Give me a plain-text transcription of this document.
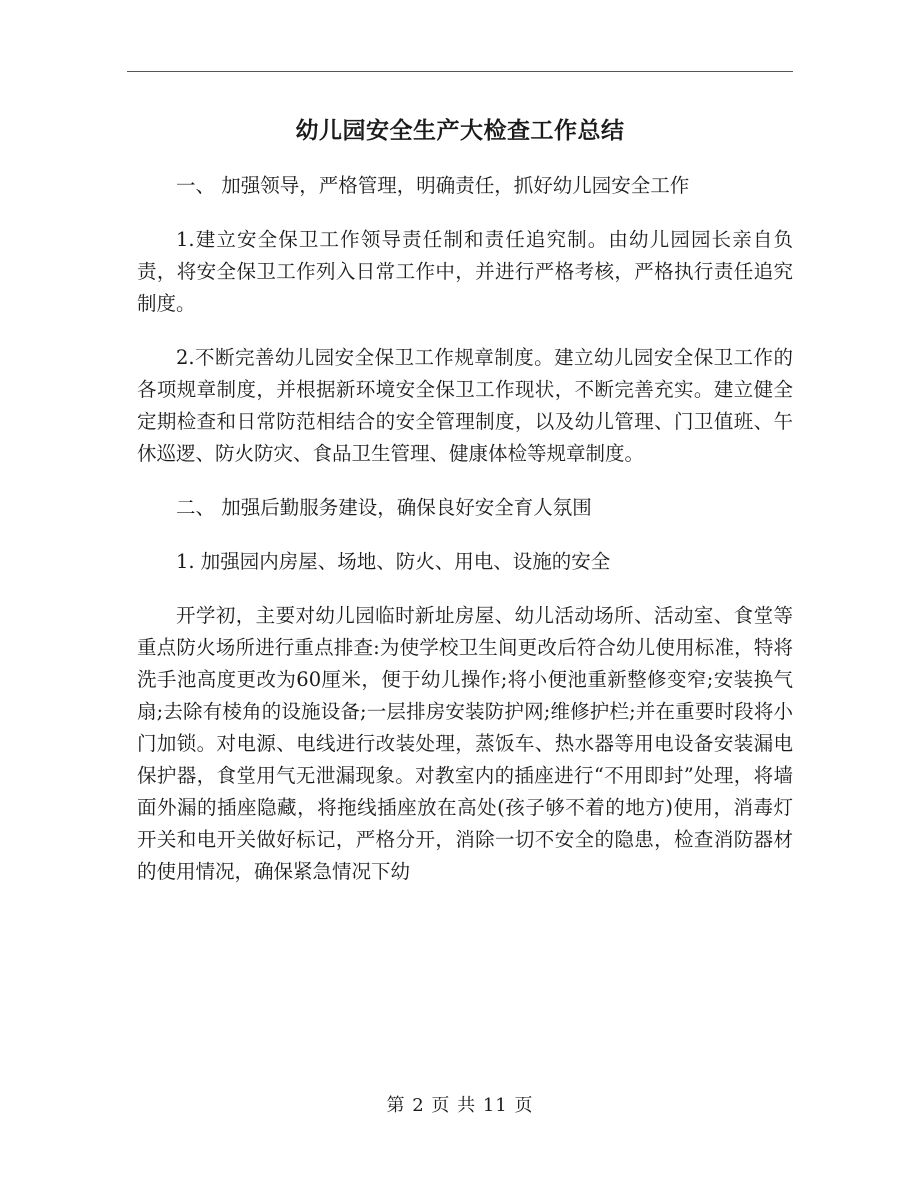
幼儿园安全生产大检查工作总结

一、 加强领导，严格管理，明确责任，抓好幼儿园安全工作

1.建立安全保卫工作领导责任制和责任追究制。由幼儿园园长亲自负责，将安全保卫工作列入日常工作中，并进行严格考核，严格执行责任追究制度。

2.不断完善幼儿园安全保卫工作规章制度。建立幼儿园安全保卫工作的各项规章制度，并根据新环境安全保卫工作现状，不断完善充实。建立健全定期检查和日常防范相结合的安全管理制度，以及幼儿管理、门卫值班、午休巡逻、防火防灾、食品卫生管理、健康体检等规章制度。

二、 加强后勤服务建设，确保良好安全育人氛围

1. 加强园内房屋、场地、防火、用电、设施的安全

开学初，主要对幼儿园临时新址房屋、幼儿活动场所、活动室、食堂等重点防火场所进行重点排查:为使学校卫生间更改后符合幼儿使用标准，特将洗手池高度更改为60厘米，便于幼儿操作;将小便池重新整修变窄;安装换气扇;去除有棱角的设施设备;一层排房安装防护网;维修护栏;并在重要时段将小门加锁。对电源、电线进行改装处理，蒸饭车、热水器等用电设备安装漏电保护器，食堂用气无泄漏现象。对教室内的插座进行“不用即封”处理，将墙面外漏的插座隐藏，将拖线插座放在高处(孩子够不着的地方)使用，消毒灯开关和电开关做好标记，严格分开，消除一切不安全的隐患，检查消防器材的使用情况，确保紧急情况下幼

第 2 页 共 11 页
